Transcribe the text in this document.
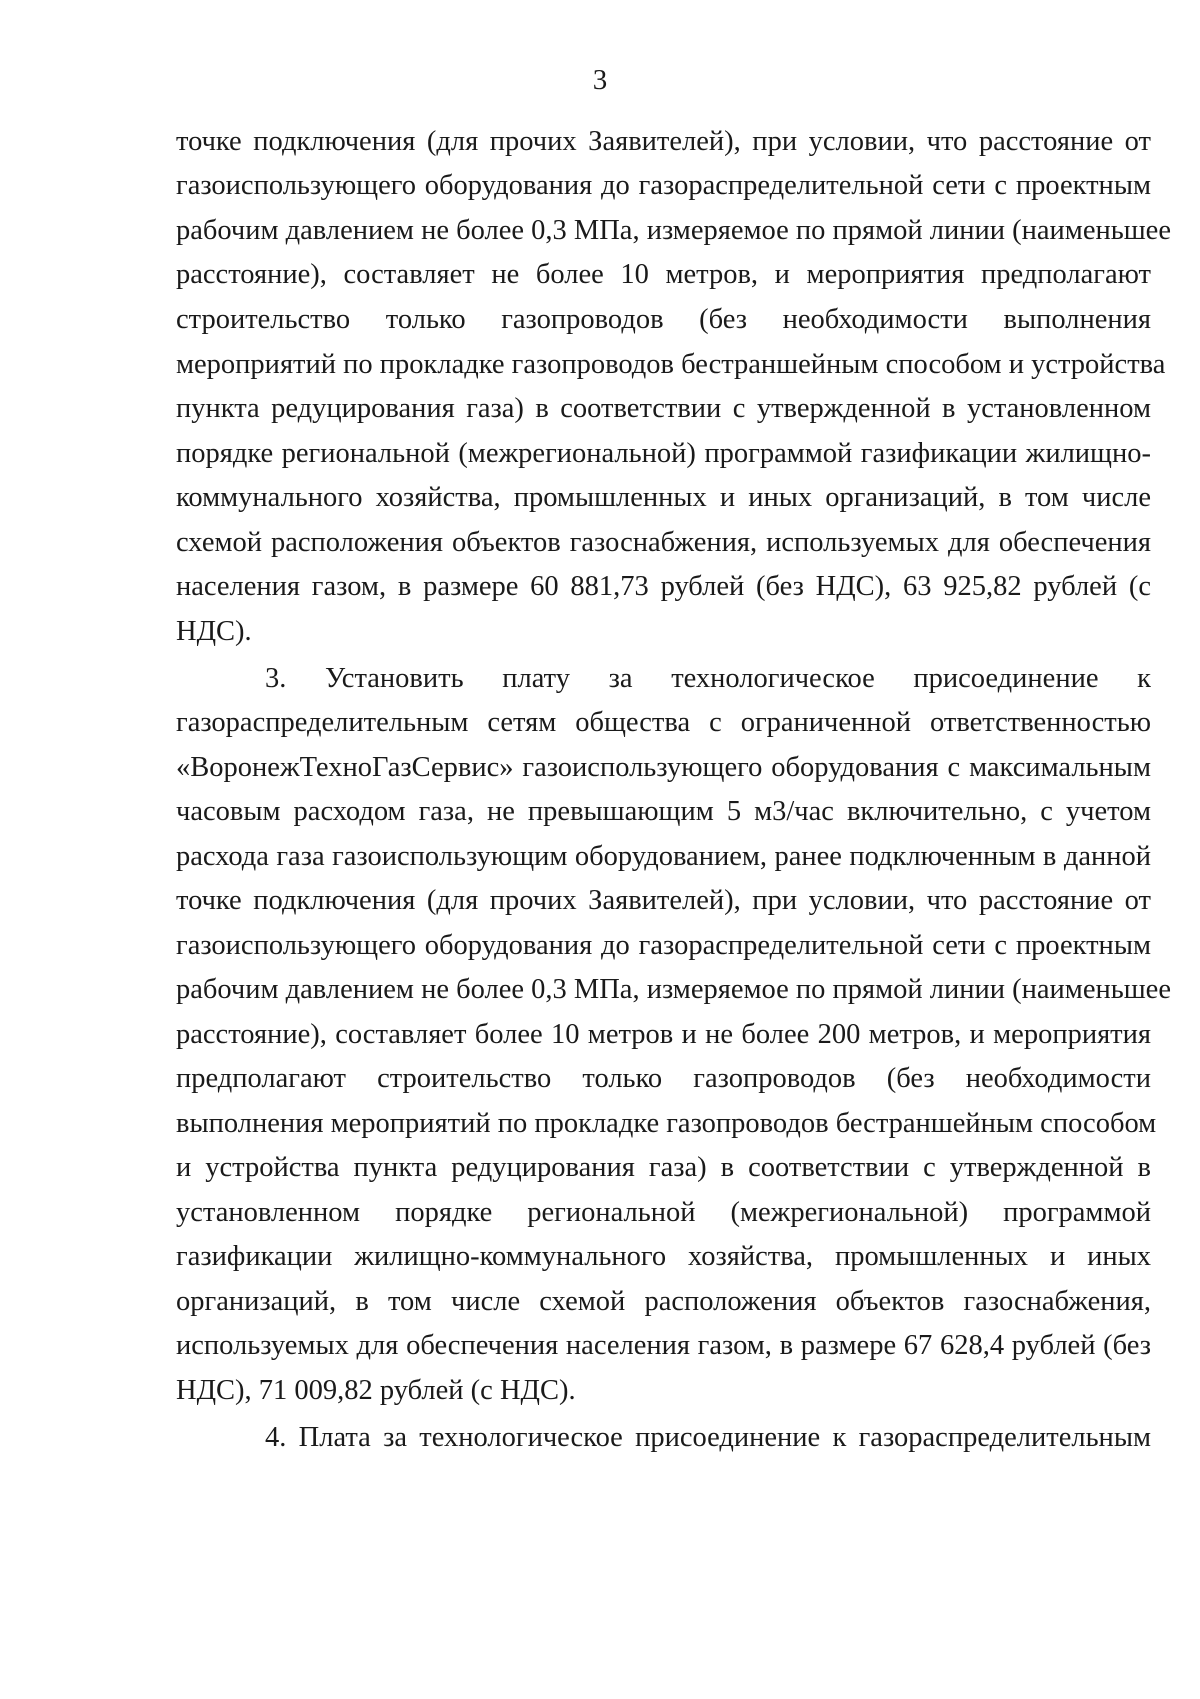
3
точке подключения (для прочих Заявителей), при условии, что расстояние от
газоиспользующего оборудования до газораспределительной сети с проектным
рабочим давлением не более 0,3 МПа, измеряемое по прямой линии (наименьшее
расстояние), составляет не более 10 метров, и мероприятия предполагают
строительство только газопроводов (без необходимости выполнения
мероприятий по прокладке газопроводов бестраншейным способом и устройства
пункта редуцирования газа) в соответствии с утвержденной в установленном
порядке региональной (межрегиональной) программой газификации жилищно-
коммунального хозяйства, промышленных и иных организаций, в том числе
схемой расположения объектов газоснабжения, используемых для обеспечения
населения газом, в размере 60 881,73 рублей (без НДС), 63 925,82 рублей (с
НДС).
3. Установить плату за технологическое присоединение к
газораспределительным сетям общества с ограниченной ответственностью
«ВоронежТехноГазСервис» газоиспользующего оборудования с максимальным
часовым расходом газа, не превышающим 5 м3/час включительно, с учетом
расхода газа газоиспользующим оборудованием, ранее подключенным в данной
точке подключения (для прочих Заявителей), при условии, что расстояние от
газоиспользующего оборудования до газораспределительной сети с проектным
рабочим давлением не более 0,3 МПа, измеряемое по прямой линии (наименьшее
расстояние), составляет более 10 метров и не более 200 метров, и мероприятия
предполагают строительство только газопроводов (без необходимости
выполнения мероприятий по прокладке газопроводов бестраншейным способом
и устройства пункта редуцирования газа) в соответствии с утвержденной в
установленном порядке региональной (межрегиональной) программой
газификации жилищно-коммунального хозяйства, промышленных и иных
организаций, в том числе схемой расположения объектов газоснабжения,
используемых для обеспечения населения газом, в размере 67 628,4 рублей (без
НДС), 71 009,82 рублей (с НДС).
4. Плата за технологическое присоединение к газораспределительным
